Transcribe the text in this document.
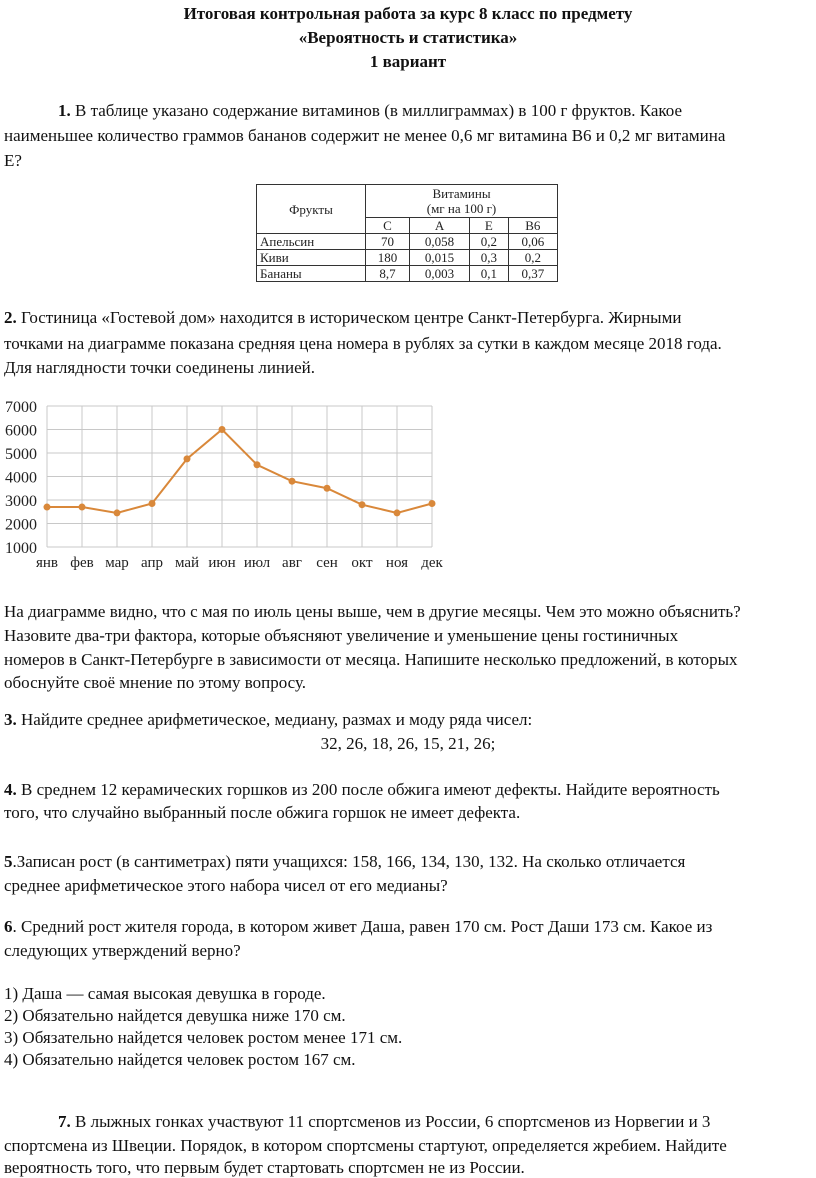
Итоговая контрольная работа за курс 8 класс по предмету
«Вероятность и статистика»
1 вариант
1. В таблице указано содержание витаминов (в миллиграммах) в 100 г фруктов. Какое
наименьшее количество граммов бананов содержит не менее 0,6 мг витамина В6 и 0,2 мг витамина
Е?
Фрукты	Витамины
(мг на 100 г)			

	С	А	Е	В6
Апельсин	70	0,058	0,2	0,06
Киви	180	0,015	0,3	0,2
Бананы	8,7	0,003	0,1	0,37
2. Гостиница «Гостевой дом» находится в историческом центре Санкт-Петербурга. Жирными
точками на диаграмме показана средняя цена номера в рублях за сутки в каждом месяце 2018 года.
Для наглядности точки соединены линией.
1000
2000
3000
4000
5000
6000
7000
янв фев мар апр май июн июл авг сен окт ноя дек
На диаграмме видно, что с мая по июль цены выше, чем в другие месяцы. Чем это можно объяснить?
Назовите два-три фактора, которые объясняют увеличение и уменьшение цены гостиничных
номеров в Санкт-Петербурге в зависимости от месяца. Напишите несколько предложений, в которых
обоснуйте своё мнение по этому вопросу.
3. Найдите среднее арифметическое, медиану, размах и моду ряда чисел:
32, 26, 18, 26, 15, 21, 26;
4. В среднем 12 керамических горшков из 200 после обжига имеют дефекты. Найдите вероятность
того, что случайно выбранный после обжига горшок не имеет дефекта.
5.Записан рост (в сантиметрах) пяти учащихся: 158, 166, 134, 130, 132. На сколько отличается
среднее арифметическое этого набора чисел от его медианы?
6. Средний рост жителя города, в котором живет Даша, равен 170 см. Рост Даши 173 см. Какое из
следующих утверждений верно?
1) Даша — самая высокая девушка в городе.
2) Обязательно найдется девушка ниже 170 см.
3) Обязательно найдется человек ростом менее 171 см.
4) Обязательно найдется человек ростом 167 см.
7. В лыжных гонках участвуют 11 спортсменов из России, 6 спортсменов из Норвегии и 3
спортсмена из Швеции. Порядок, в котором спортсмены стартуют, определяется жребием. Найдите
вероятность того, что первым будет стартовать спортсмен не из России.
